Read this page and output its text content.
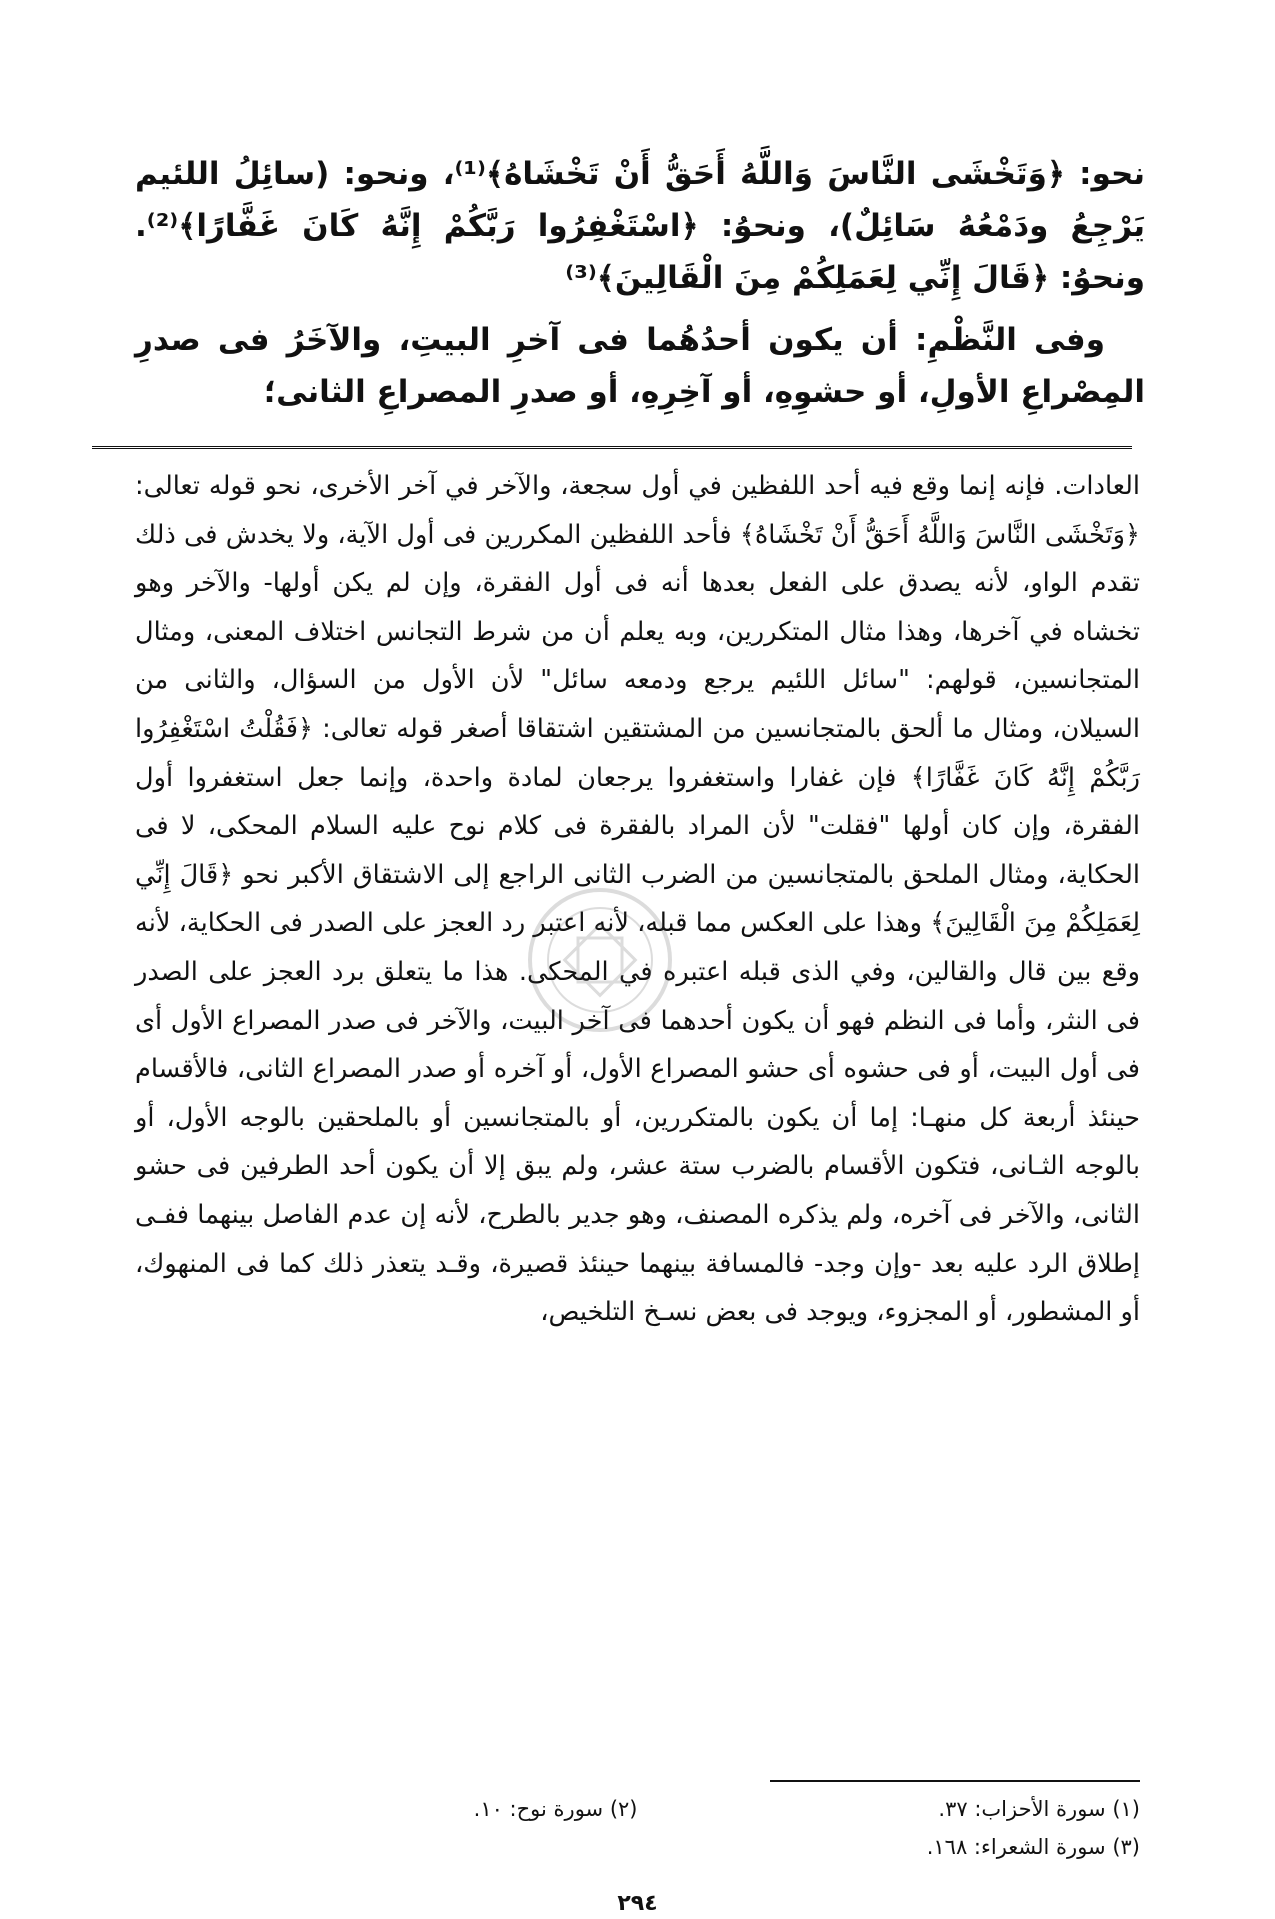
نحو: ﴿وَتَخْشَى النَّاسَ وَاللَّهُ أَحَقُّ أَنْ تَخْشَاهُ﴾⁽¹⁾، ونحو: (سائِلُ اللئيم يَرْجِعُ ودَمْعُهُ سَائِلٌ)، ونحوُ: ﴿اسْتَغْفِرُوا رَبَّكُمْ إِنَّهُ كَانَ غَفَّارًا﴾⁽²⁾. ونحوُ: ﴿قَالَ إِنِّي لِعَمَلِكُمْ مِنَ الْقَالِينَ﴾⁽³⁾

وفى النَّظْمِ: أن يكون أحدُهُما فى آخرِ البيتِ، والآخَرُ فى صدرِ المِصْراعِ الأولِ، أو حشوِهِ، أو آخِرِهِ، أو صدرِ المصراعِ الثانى؛

العادات. فإنه إنما وقع فيه أحد اللفظين في أول سجعة، والآخر في آخر الأخرى، نحو قوله تعالى: ﴿وَتَخْشَى النَّاسَ وَاللَّهُ أَحَقُّ أَنْ تَخْشَاهُ﴾ فأحد اللفظين المكررين فى أول الآية، ولا يخدش فى ذلك تقدم الواو، لأنه يصدق على الفعل بعدها أنه فى أول الفقرة، وإن لم يكن أولها- والآخر وهو تخشاه في آخرها، وهذا مثال المتكررين، وبه يعلم أن من شرط التجانس اختلاف المعنى، ومثال المتجانسين، قولهم: "سائل اللئيم يرجع ودمعه سائل" لأن الأول من السؤال، والثانى من السيلان، ومثال ما ألحق بالمتجانسين من المشتقين اشتقاقا أصغر قوله تعالى: ﴿فَقُلْتُ اسْتَغْفِرُوا رَبَّكُمْ إِنَّهُ كَانَ غَفَّارًا﴾ فإن غفارا واستغفروا يرجعان لمادة واحدة، وإنما جعل استغفروا أول الفقرة، وإن كان أولها "فقلت" لأن المراد بالفقرة فى كلام نوح عليه السلام المحكى، لا فى الحكاية، ومثال الملحق بالمتجانسين من الضرب الثانى الراجع إلى الاشتقاق الأكبر نحو ﴿قَالَ إِنِّي لِعَمَلِكُمْ مِنَ الْقَالِينَ﴾ وهذا على العكس مما قبله، لأنه اعتبر رد العجز على الصدر فى الحكاية، لأنه وقع بين قال والقالين، وفي الذى قبله اعتبره في المحكى. هذا ما يتعلق برد العجز على الصدر فى النثر، وأما فى النظم فهو أن يكون أحدهما فى آخر البيت، والآخر فى صدر المصراع الأول أى فى أول البيت، أو فى حشوه أى حشو المصراع الأول، أو آخره أو صدر المصراع الثانى، فالأقسام حينئذ أربعة كل منهـا: إما أن يكون بالمتكررين، أو بالمتجانسين أو بالملحقين بالوجه الأول، أو بالوجه الثـانى، فتكون الأقسام بالضرب ستة عشر، ولم يبق إلا أن يكون أحد الطرفين فى حشو الثانى، والآخر فى آخره، ولم يذكره المصنف، وهو جدير بالطرح، لأنه إن عدم الفاصل بينهما ففـى إطلاق الرد عليه بعد -وإن وجد- فالمسافة بينهما حينئذ قصيرة، وقـد يتعذر ذلك كما فى المنهوك، أو المشطور، أو المجزوء، ويوجد فى بعض نسـخ التلخيص،

(١) سورة الأحزاب: ٣٧.
(٢) سورة نوح: ١٠.
(٣) سورة الشعراء: ١٦٨.
٢٩٤
